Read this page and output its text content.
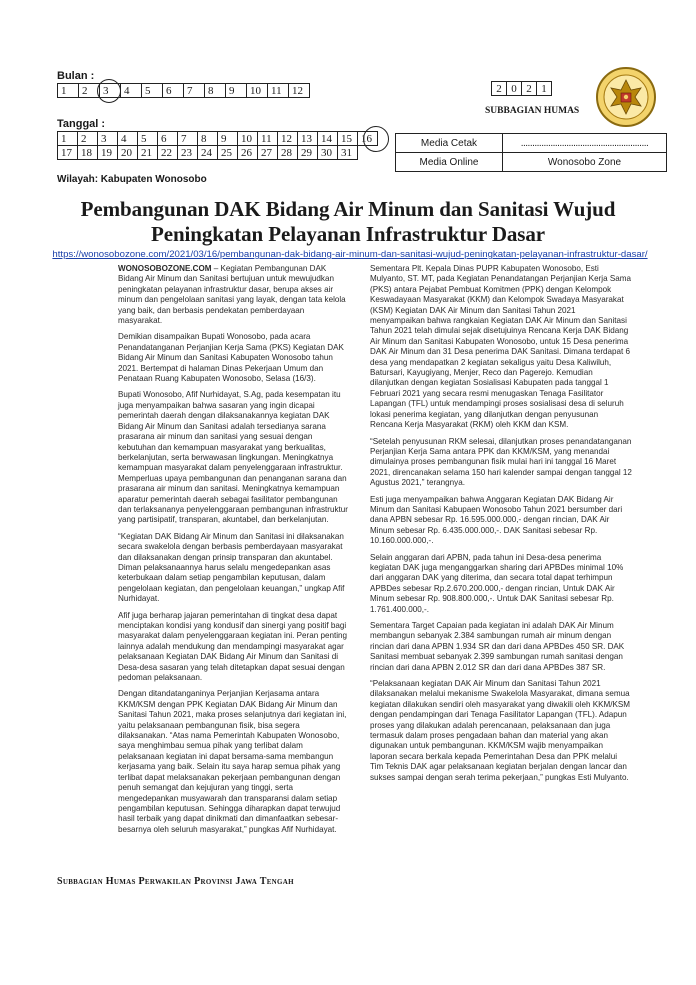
Bulan :
1	2	3	4	5	6	7	8	9	10	11	12
Tanggal :
1	2	3	4	5	6	7	8	9	10	11	12	13	14	15	16
17	18	19	20	21	22	23	24	25	26	27	28	29	30	31	
2	0	2	1
SUBBAGIAN HUMAS
Media Cetak	........................................................
Media Online	Wonosobo Zone
Wilayah: Kabupaten Wonosobo
Pembangunan DAK Bidang Air Minum dan Sanitasi Wujud
Peningkatan Pelayanan Infrastruktur Dasar
https://wonosobozone.com/2021/03/16/pembangunan-dak-bidang-air-minum-dan-sanitasi-wujud-peningkatan-pelayanan-infrastruktur-dasar/

WONOSOBOZONE.COM – Kegiatan Pembangunan DAK Bidang Air Minum dan Sanitasi bertujuan untuk mewujudkan peningkatan pelayanan infrastruktur dasar, berupa akses air minum dan pengelolaan sanitasi yang layak, dengan tata kelola yang baik, dan berbasis pendekatan pemberdayaan masyarakat.

Demikian disampaikan Bupati Wonosobo, pada acara Penandatanganan Perjanjian Kerja Sama (PKS) Kegiatan DAK Bidang Air Minum dan Sanitasi Kabupaten Wonosobo tahun 2021. Bertempat di halaman Dinas Pekerjaan Umum dan Penataan Ruang Kabupaten Wonosobo, Selasa (16/3).

Bupati Wonosobo, Afif Nurhidayat, S.Ag, pada kesempatan itu juga menyampaikan bahwa sasaran yang ingin dicapai pemerintah daerah dengan dilaksanakannya kegiatan DAK Bidang Air Minum dan Sanitasi adalah tersedianya sarana prasarana air minum dan sanitasi yang sesuai dengan kebutuhan dan kemampuan masyarakat yang berkualitas, berkelanjutan, serta berwawasan lingkungan. Meningkatnya kemampuan masyarakat dalam penyelenggaraan infrastruktur. Memperluas upaya pembangunan dan penanganan sarana dan prasarana air minum dan sanitasi. Meningkatnya kemampuan aparatur pemerintah daerah sebagai fasilitator pembangunan dan terlaksananya penyelenggaraan pembangunan infrastruktur yang partisipatif, transparan, akuntabel, dan berkelanjutan.

“Kegiatan DAK Bidang Air Minum dan Sanitasi ini dilaksanakan secara swakelola dengan berbasis pemberdayaan masyarakat dan dilaksanakan dengan prinsip transparan dan akuntabel. Diman pelaksanaannya harus selalu mengedepankan asas keterbukaan dalam setiap pengambilan keputusan, dalam pengelolaan kegiatan, dan pengelolaan keuangan,” ungkap Afif Nurhidayat.

Afif juga berharap jajaran pemerintahan di tingkat desa dapat menciptakan kondisi yang kondusif dan sinergi yang positif bagi masyarakat dalam penyelenggaraan kegiatan ini. Peran penting lainnya adalah mendukung dan mendampingi masyarakat agar pelaksanaan Kegiatan DAK Bidang Air Minum dan Sanitasi di Desa-desa sasaran yang telah ditetapkan dapat sesuai dengan pedoman pelaksanaan.

Dengan ditandatanganinya Perjanjian Kerjasama antara KKM/KSM dengan PPK Kegiatan DAK Bidang Air Minum dan Sanitasi Tahun 2021, maka proses selanjutnya dari kegiatan ini, yaitu pelaksanaan pembangunan fisik, bisa segera dilaksanakan. “Atas nama Pemerintah Kabupaten Wonosobo, saya menghimbau semua pihak yang terlibat dalam pelaksanaan kegiatan ini dapat bersama-sama membangun kerjasama yang baik. Selain itu saya harap semua pihak yang terlibat dapat melaksanakan pekerjaan pembangunan dengan penuh semangat dan kejujuran yang tinggi, serta mengedepankan musyawarah dan transparansi dalam setiap pengambilan keputusan. Sehingga diharapkan dapat terwujud hasil terbaik yang dapat dinikmati dan dimanfaatkan sebesar-besarnya oleh seluruh masyarakat,” pungkas Afif Nurhidayat.

Sementara Plt. Kepala Dinas PUPR Kabupaten Wonosobo, Esti Mulyanto, ST. MT, pada Kegiatan Penandatangan Perjanjian Kerja Sama (PKS) antara Pejabat Pembuat Komitmen (PPK) dengan Kelompok Keswadayaan Masyarakat (KKM) dan Kelompok Swadaya Masyarakat (KSM) Kegiatan DAK Air Minum dan Sanitasi Tahun 2021 menyampaikan bahwa rangkaian Kegiatan DAK Air Minum dan Sanitasi Tahun 2021 telah dimulai sejak disetujuinya Rencana Kerja DAK Bidang Air Minum dan Sanitasi Kabupaten Wonosobo, untuk 15 Desa penerima DAK Air Minum dan 31 Desa penerima DAK Sanitasi. Dimana terdapat 6 desa yang mendapatkan 2 kegiatan sekaligus yaitu Desa Kaliwiluh, Batursari, Kayugiyang, Menjer, Reco dan Pagerejo. Kemudian dilanjutkan dengan kegiatan Sosialisasi Kabupaten pada tanggal 1 Februari 2021 yang secara resmi menugaskan Tenaga Fasilitator Lapangan (TFL) untuk mendampingi proses sosialisasi desa di seluruh lokasi penerima kegiatan, yang dilanjutkan dengan penyusunan Rencana Kerja Masyarakat (RKM) oleh KKM dan KSM.

“Setelah penyusunan RKM selesai, dilanjutkan proses penandatanganan Perjanjian Kerja Sama antara PPK dan KKM/KSM, yang menandai dimulainya proses pembangunan fisik mulai hari ini tanggal 16 Maret 2021, direncanakan selama 150 hari kalender sampai dengan tanggal 12 Agustus 2021,” terangnya.

Esti juga menyampaikan bahwa Anggaran Kegiatan DAK Bidang Air Minum dan Sanitasi Kabupaen Wonosobo Tahun 2021 bersumber dari dana APBN sebesar Rp. 16.595.000.000,- dengan rincian, DAK Air Minum sebesar Rp. 6.435.000.000,-. DAK Sanitasi sebesar Rp. 10.160.000.000,-.

Selain anggaran dari APBN, pada tahun ini Desa-desa penerima kegiatan DAK juga menganggarkan sharing dari APBDes minimal 10% dari anggaran DAK yang diterima, dan secara total dapat terhimpun APBDes sebesar Rp.2.670.200.000,- dengan rincian, Untuk DAK Air Minum sebesar Rp. 908.800.000,-. Untuk DAK Sanitasi sebesar Rp. 1.761.400.000,-.

Sementara Target Capaian pada kegiatan ini adalah DAK Air Minum membangun sebanyak 2.384 sambungan rumah air minum dengan rincian dari dana APBN 1.934 SR dan dari dana APBDes 450 SR. DAK Sanitasi membuat sebanyak 2.399 sambungan rumah sanitasi dengan rincian dari dana APBN 2.012 SR dan dari dana APBDes 387 SR.

“Pelaksanaan kegiatan DAK Air Minum dan Sanitasi Tahun 2021 dilaksanakan melalui mekanisme Swakelola Masyarakat, dimana semua kegiatan dilakukan sendiri oleh masyarakat yang diwakili oleh KKM/KSM dengan pendampingan dari Tenaga Fasilitator Lapangan (TFL). Adapun proses yang dilakukan adalah perencanaan, pelaksanaan dan juga termasuk dalam proses pengadaan bahan dan material yang akan digunakan untuk pembangunan. KKM/KSM wajib menyampaikan laporan secara berkala kepada Pemerintahan Desa dan PPK melalui Tim Teknis DAK agar pelaksanaan kegiatan berjalan dengan lancar dan sukses sampai dengan serah terima pekerjaan,” pungkas Esti Mulyanto.

Subbagian Humas Perwakilan Provinsi Jawa Tengah
